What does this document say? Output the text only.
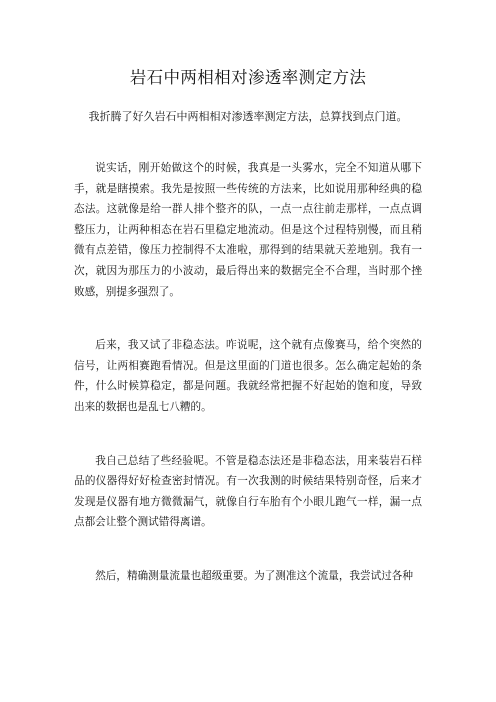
岩石中两相相对渗透率测定方法

我折腾了好久岩石中两相相对渗透率测定方法，总算找到点门道。

说实话，刚开始做这个的时候，我真是一头雾水，完全不知道从哪下手，就是瞎摸索。我先是按照一些传统的方法来，比如说用那种经典的稳态法。这就像是给一群人排个整齐的队，一点一点往前走那样，一点点调整压力，让两种相态在岩石里稳定地流动。但是这个过程特别慢，而且稍微有点差错，像压力控制得不太准啦，那得到的结果就天差地别。我有一次，就因为那压力的小波动，最后得出来的数据完全不合理，当时那个挫败感，别提多强烈了。

后来，我又试了非稳态法。咋说呢，这个就有点像赛马，给个突然的信号，让两相赛跑看情况。但是这里面的门道也很多。怎么确定起始的条件，什么时候算稳定，都是问题。我就经常把握不好起始的饱和度，导致出来的数据也是乱七八糟的。

我自己总结了些经验呢。不管是稳态法还是非稳态法，用来装岩石样品的仪器得好好检查密封情况。有一次我测的时候结果特别奇怪，后来才发现是仪器有地方微微漏气，就像自行车胎有个小眼儿跑气一样，漏一点点都会让整个测试错得离谱。

然后，精确测量流量也超级重要。为了测准这个流量，我尝试过各种
